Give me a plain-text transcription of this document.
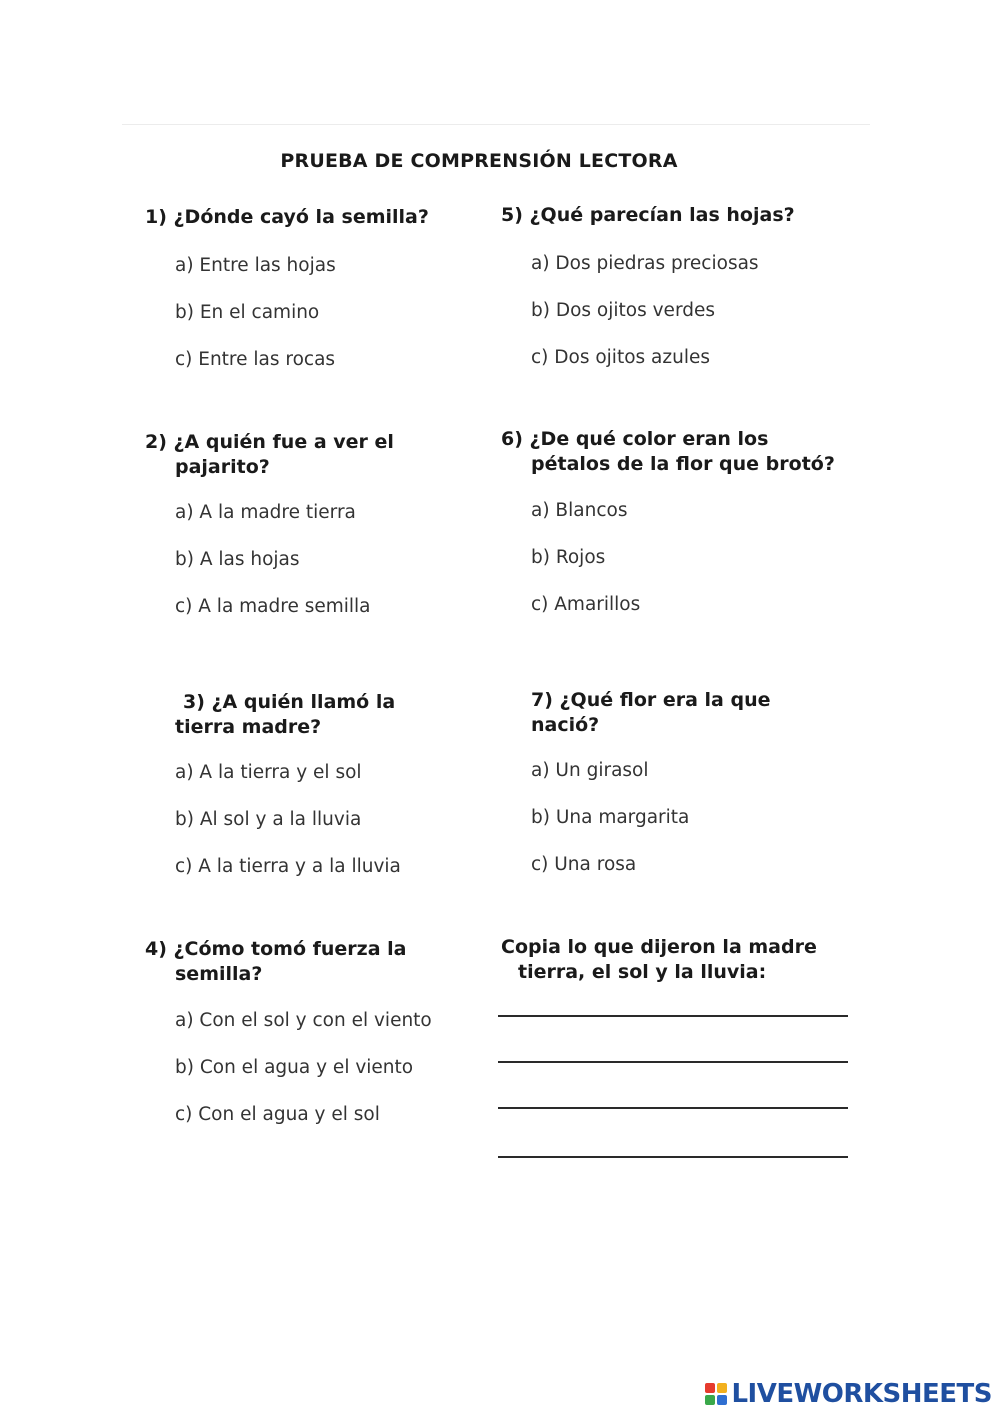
PRUEBA DE COMPRENSIÓN LECTORA

1) ¿Dónde cayó la semilla?

a) Entre las hojas

b) En el camino

c) Entre las rocas

2) ¿A quién fue a ver el
pajarito?

a) A la madre tierra

b) A las hojas

c) A la madre semilla

3) ¿A quién llamó la
tierra madre?

a) A la tierra y el sol

b) Al sol y a la lluvia

c) A la tierra y a la lluvia

4) ¿Cómo tomó fuerza la
semilla?

a) Con el sol y con el viento

b) Con el agua y el viento

c) Con el agua y el sol

5) ¿Qué parecían las hojas?

a) Dos piedras preciosas

b) Dos ojitos verdes

c) Dos ojitos azules

6) ¿De qué color eran los
pétalos de la flor que brotó?

a) Blancos

b) Rojos

c) Amarillos

7) ¿Qué flor era la que
nació?

a) Un girasol

b) Una margarita

c) Una rosa

Copia lo que dijeron la madre
tierra, el sol y la lluvia:

LIVEWORKSHEETS
